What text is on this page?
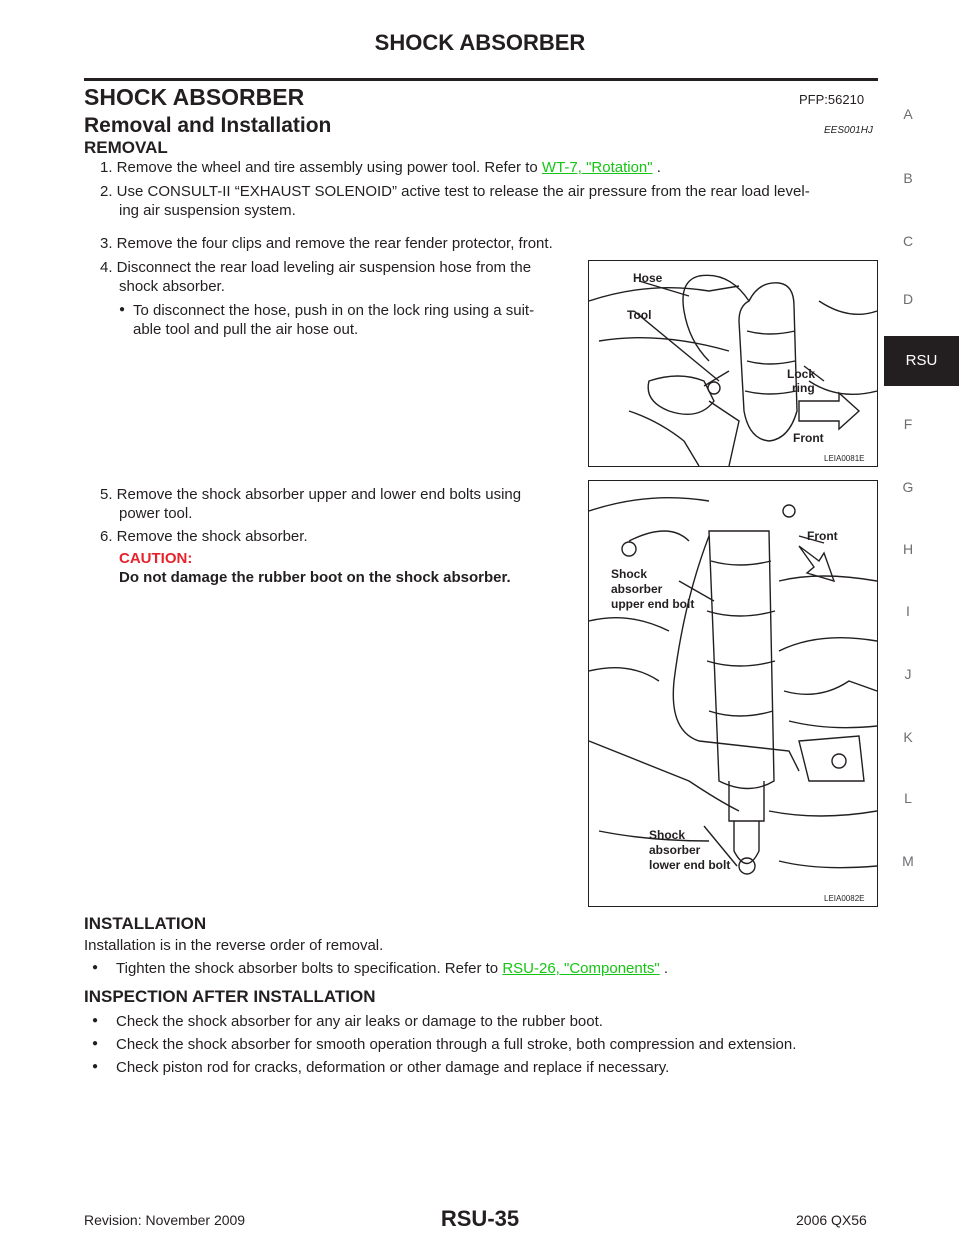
SHOCK ABSORBER
SHOCK ABSORBER	PFP:56210
Removal and Installation	EES001HJ
REMOVAL
1. Remove the wheel and tire assembly using power tool. Refer to WT-7, "Rotation" .
2. Use CONSULT-II “EXHAUST SOLENOID” active test to release the air pressure from the rear load level-
ing air suspension system.
3. Remove the four clips and remove the rear fender protector, front.
4. Disconnect the rear load leveling air suspension hose from the
shock absorber.
● To disconnect the hose, push in on the lock ring using a suit-
able tool and pull the air hose out.
Hose
Tool
Lock
ring
Front
LEIA0081E
5. Remove the shock absorber upper and lower end bolts using
power tool.
6. Remove the shock absorber.
CAUTION:
Do not damage the rubber boot on the shock absorber.
Front
Shock
absorber
upper end bolt
Shock
absorber
lower end bolt
LEIA0082E
INSTALLATION
Installation is in the reverse order of removal.
● Tighten the shock absorber bolts to specification. Refer to RSU-26, "Components" .
INSPECTION AFTER INSTALLATION
● Check the shock absorber for any air leaks or damage to the rubber boot.
● Check the shock absorber for smooth operation through a full stroke, both compression and extension.
● Check piston rod for cracks, deformation or other damage and replace if necessary.
A
B
C
D
RSU
F
G
H
I
J
K
L
M
Revision: November 2009	RSU-35	2006 QX56
